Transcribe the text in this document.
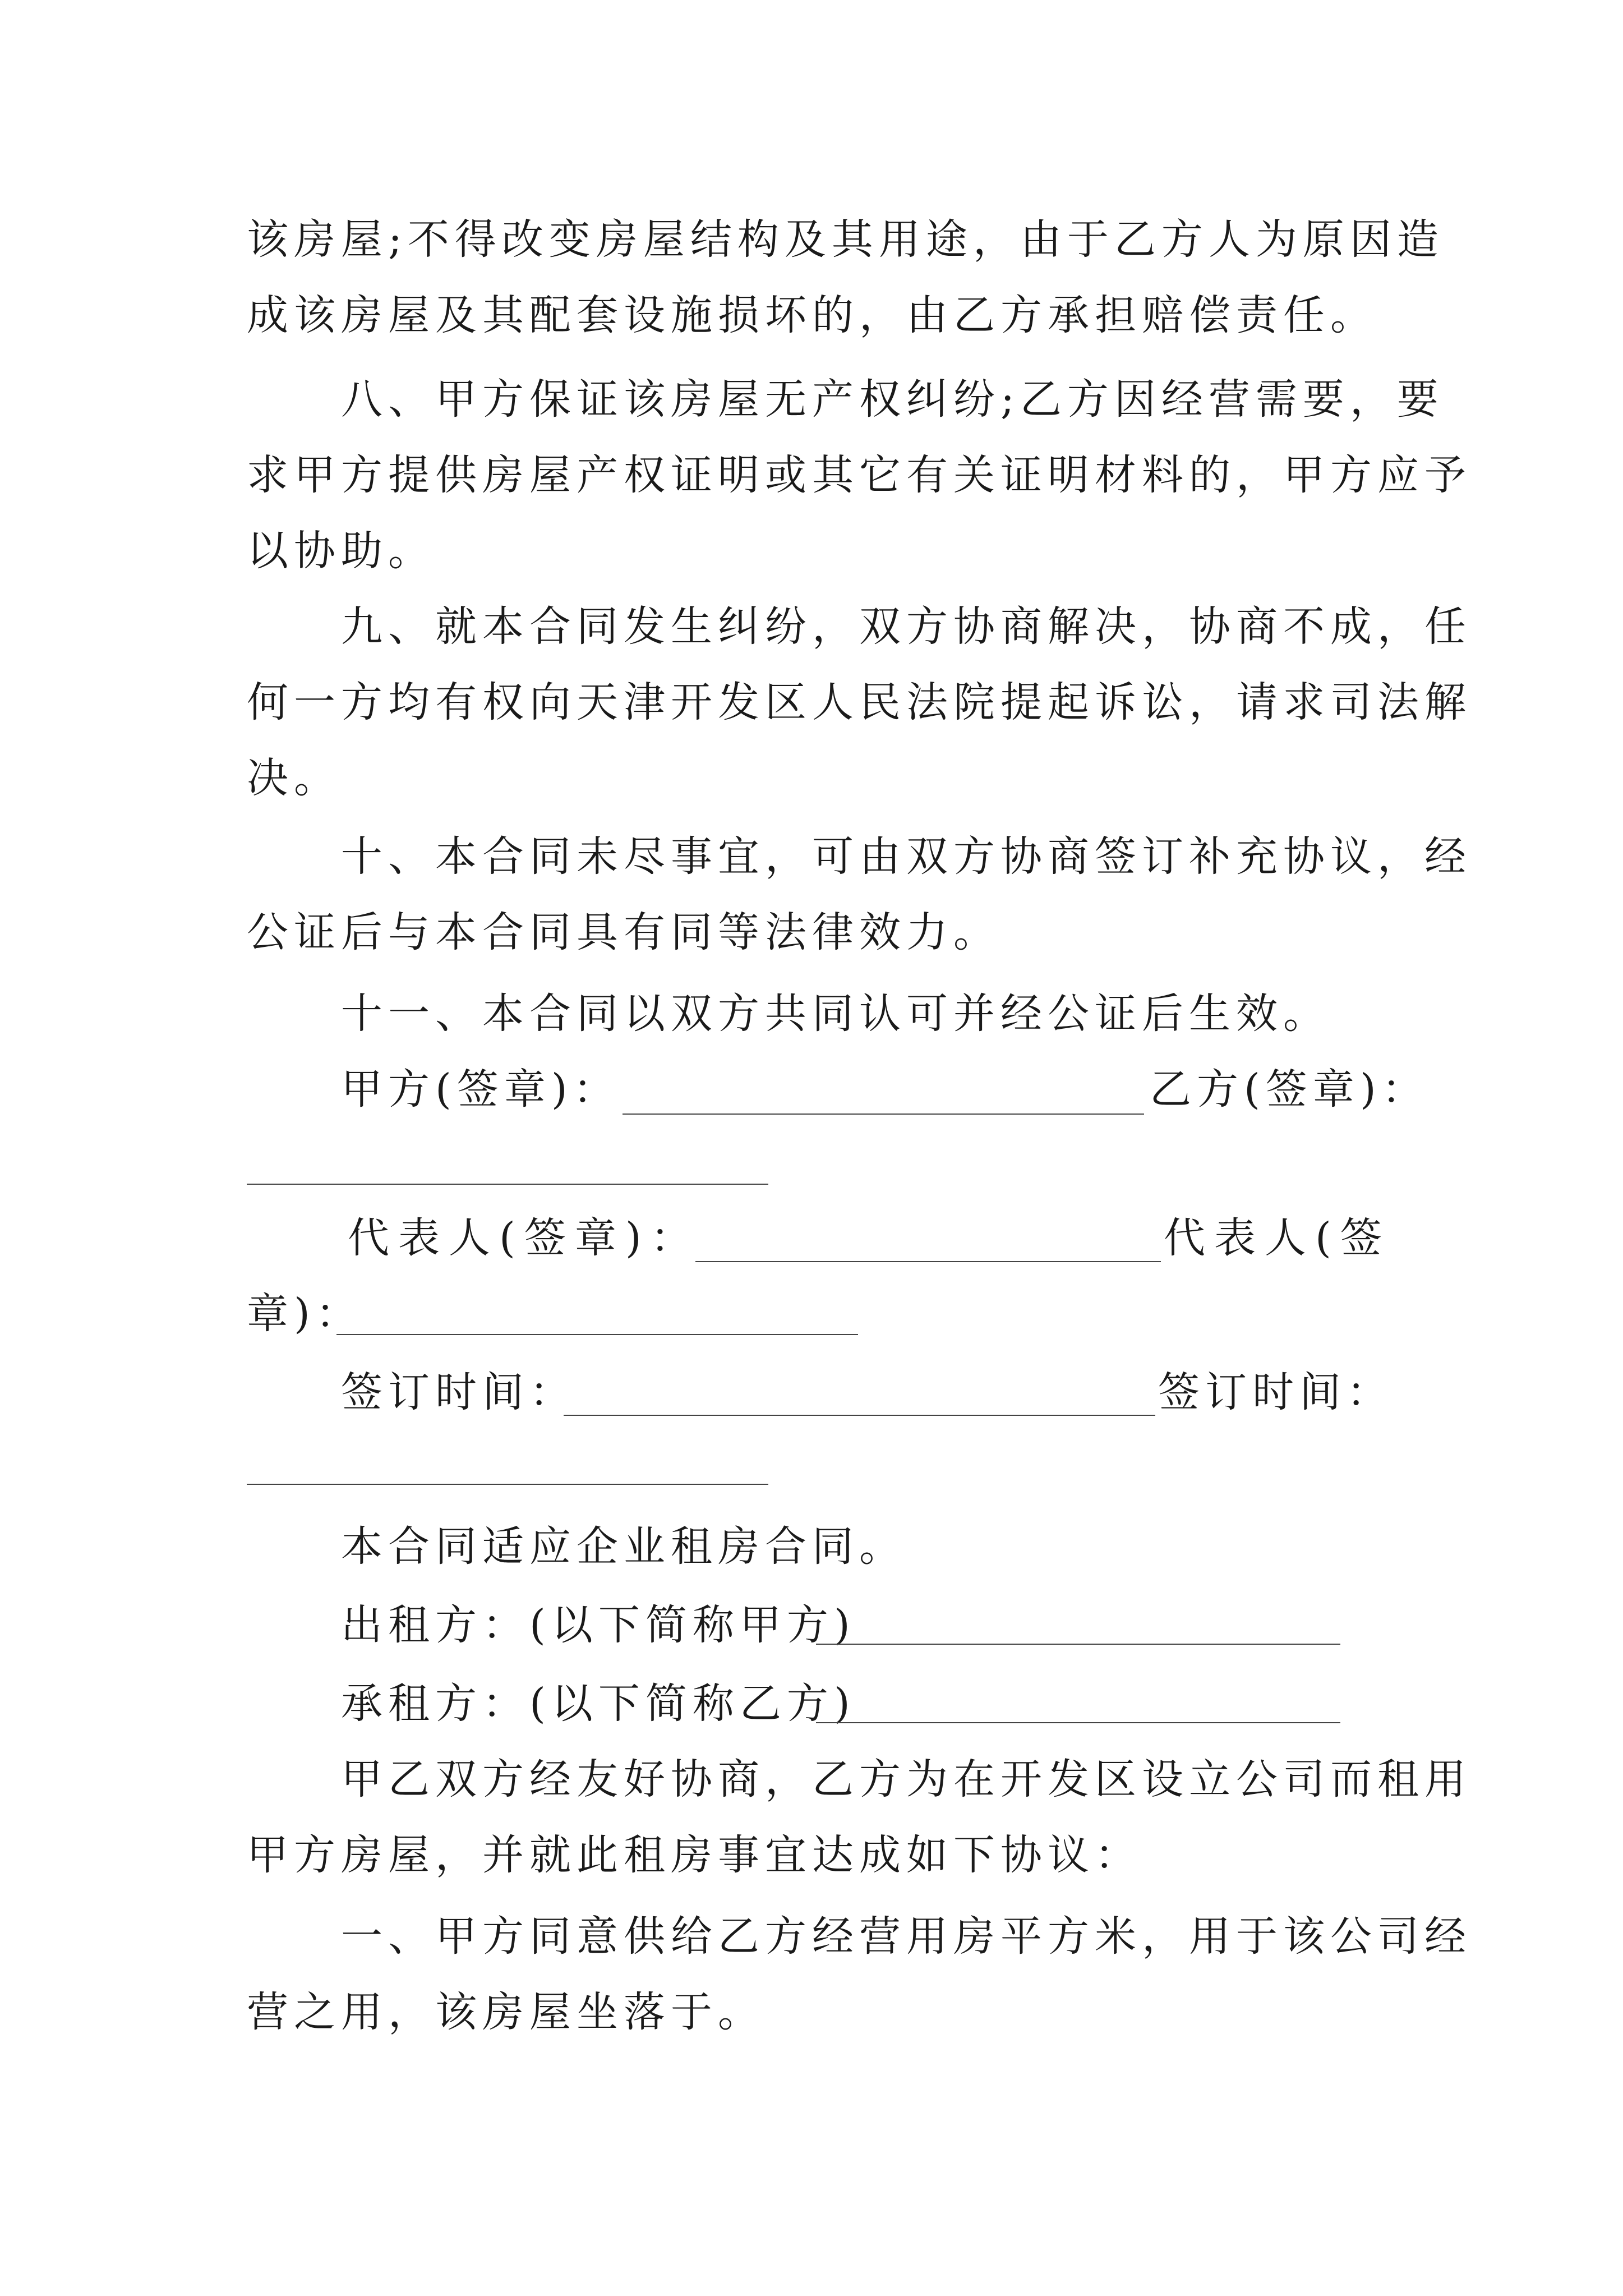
该房屋;不得改变房屋结构及其用途，由于乙方人为原因造

成该房屋及其配套设施损坏的，由乙方承担赔偿责任。

　　八、甲方保证该房屋无产权纠纷;乙方因经营需要，要

求甲方提供房屋产权证明或其它有关证明材料的，甲方应予

以协助。

　　九、就本合同发生纠纷，双方协商解决，协商不成，任

何一方均有权向天津开发区人民法院提起诉讼，请求司法解

决。

　　十、本合同未尽事宜，可由双方协商签订补充协议，经

公证后与本合同具有同等法律效力。

　　十一、本合同以双方共同认可并经公证后生效。

　　甲方(签章)：	乙方(签章)：

　　代表人(签章)：	代表人(签

章)：

　　签订时间：	签订时间：

　　本合同适应企业租房合同。

　　出租方：(以下简称甲方)

　　承租方：(以下简称乙方)

　　甲乙双方经友好协商，乙方为在开发区设立公司而租用

甲方房屋，并就此租房事宜达成如下协议：

　　一、甲方同意供给乙方经营用房平方米，用于该公司经

营之用，该房屋坐落于。
